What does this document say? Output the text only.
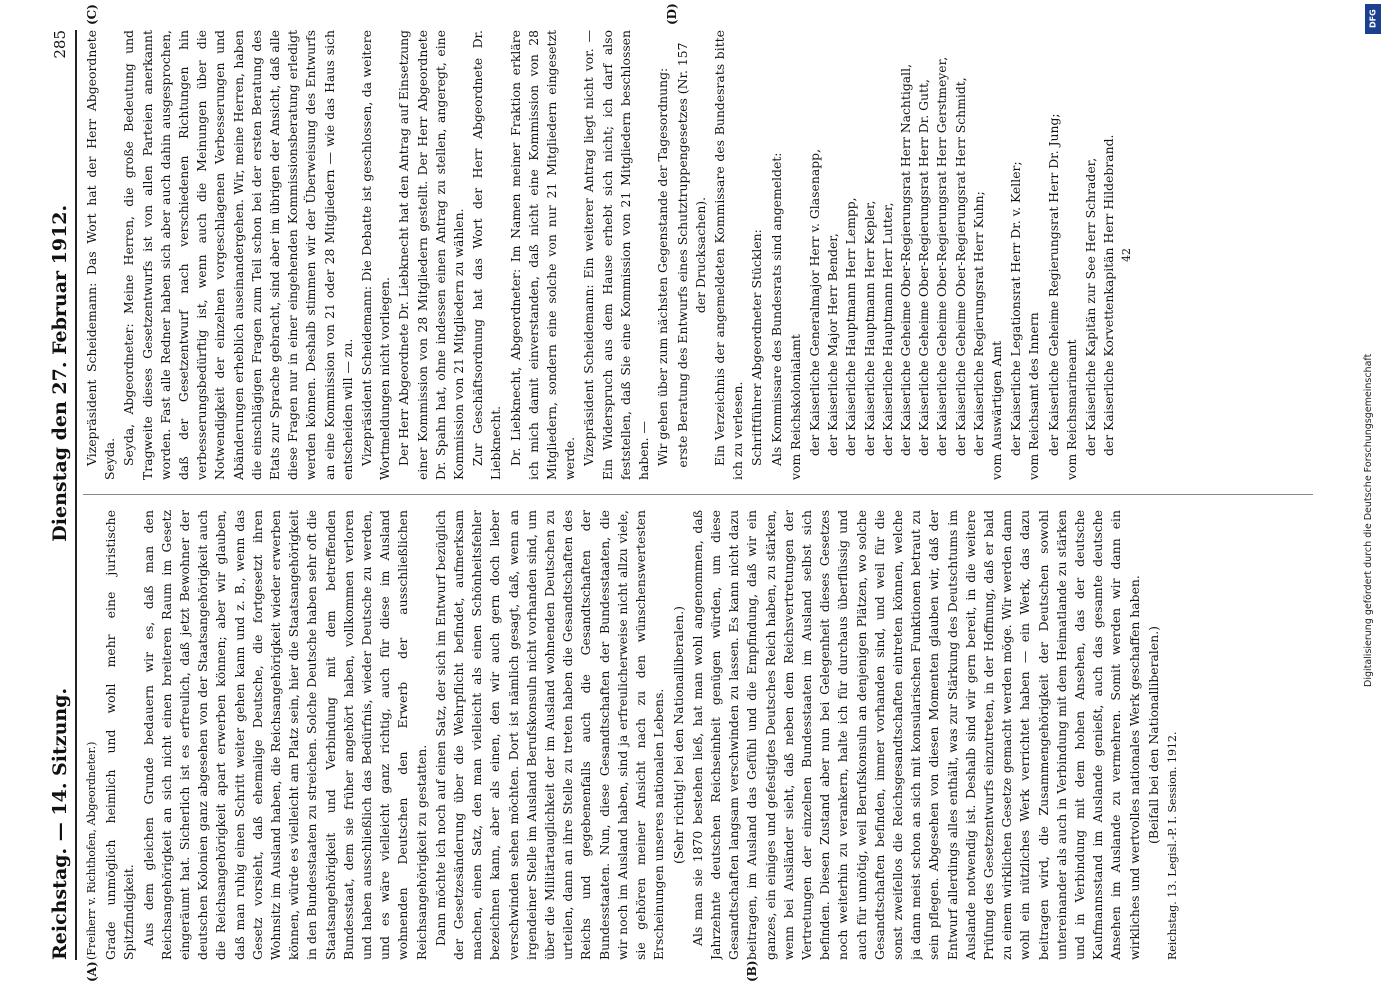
Reichstag. — 14. Sitzung.
Dienstag den 27. Februar 1912.
285
(A)	(B)
(C)	(D)

(Freiherr v. Richthofen, Abgeordneter.) Grade unmöglich heimlich und wohl mehr eine juristische Spitzfindigkeit. Aus dem gleichen Grunde bedauern wir es, daß man den Reichsangehörigkeit an sich nicht einen breiteren Raum im Gesetz eingeräumt hat. Sicherlich ist es erfreulich, daß jetzt Bewohner der deutschen Kolonien ganz abgesehen von der Staatsangehörigkeit auch die Reichsangehörigkeit apart erwerben können; aber wir glauben, daß man ruhig einen Schritt weiter gehen kann und z. B., wenn das Gesetz vorsieht, daß ehemalige Deutsche, die fortgesetzt ihren Wohnsitz im Ausland haben, die Reichsangehörigkeit wieder erwerben können, würde es vielleicht am Platz sein, hier die Staatsangehörigkeit in den Bundesstaaten zu streichen. Solche Deutsche haben sehr oft die Staatsangehörigkeit und Verbindung mit dem betreffenden Bundesstaat, dem sie früher angehört haben, vollkommen verloren und haben ausschließlich das Bedürfnis, wieder Deutsche zu werden, und es wäre vielleicht ganz richtig, auch für diese im Ausland wohnenden Deutschen den Erwerb der ausschließlichen Reichsangehörigkeit zu gestatten. Dann möchte ich noch auf einen Satz, der sich im Entwurf bezüglich der Gesetzesänderung über die Wehrpflicht befindet, aufmerksam machen, einen Satz, den man vielleicht als einen Schönheitsfehler bezeichnen kann, aber als einen, den wir auch gern doch lieber verschwinden sehen möchten. Dort ist nämlich gesagt, daß, wenn an irgendeiner Stelle im Ausland Berufskonsuln nicht vorhanden sind, um über die Militärtauglichkeit der im Ausland wohnenden Deutschen zu urteilen, dann an ihre Stelle zu treten haben die Gesandtschaften des Reichs und gegebenenfalls auch die Gesandtschaften der Bundesstaaten. Nun, diese Gesandtschaften der Bundesstaaten, die wir noch im Ausland haben, sind ja erfreulicherweise nicht allzu viele, sie gehören meiner Ansicht nach zu den wünschenswertesten Erscheinungen unseres nationalen Lebens. (Sehr richtig! bei den Nationalliberalen.) Als man sie 1870 bestehen ließ, hat man wohl angenommen, daß Jahrzehnte deutschen Reichseinheit genügen würden, um diese Gesandtschaften langsam verschwinden zu lassen. Es kann nicht dazu beitragen, im Ausland das Gefühl und die Empfindung, daß wir ein ganzes, ein einiges und gefestigtes Deutsches Reich haben, zu stärken, wenn bei Ausländer sieht, daß neben dem Reichsvertretungen der Vertretungen der einzelnen Bundesstaaten im Ausland selbst sich befinden. Diesen Zustand aber nun bei Gelegenheit dieses Gesetzes noch weiterhin zu verankern, halte ich für durchaus überflüssig und auch für unnötig, weil Berufskonsuln an denjenigen Plätzen, wo solche Gesandtschaften befinden, immer vorhanden sind, und weil für die sonst zweifellos die Reichsgesandtschaften eintreten können, welche ja dann meist schon an sich mit konsularischen Funktionen betraut zu sein pflegen. Abgesehen von diesen Momenten glauben wir, daß der Entwurf allerdings alles enthält, was zur Stärkung des Deutschtums im Auslande notwendig ist. Deshalb sind wir gern bereit, in die weitere Prüfung des Gesetzentwurfs einzutreten, in der Hoffnung, daß er bald zu einem wirklichen Gesetze gemacht werden möge. Wir werden dann wohl ein nützliches Werk verrichtet haben — ein Werk, das dazu beitragen wird, die Zusammengehörigkeit der Deutschen sowohl untereinander als auch in Verbindung mit dem Heimatlande zu stärken und in Verbindung mit dem hohen Ansehen, das der deutsche Kaufmannsstand im Auslande genießt, auch das gesamte deutsche Ansehen im Auslande zu vermehren. Somit werden wir dann ein wirkliches und wertvolles nationales Werk geschaffen haben. (Beifall bei den Nationalliberalen.) Reichstag. 13. Legisl.-P. I. Session. 1912.

Vizepräsident Scheidemann: Das Wort hat der Herr Abgeordnete Seyda. Seyda, Abgeordneter: Meine Herren, die große Bedeutung und Tragweite dieses Gesetzentwurfs ist von allen Parteien anerkannt worden. Fast alle Redner haben sich aber auch dahin ausgesprochen, daß der Gesetzentwurf nach verschiedenen Richtungen hin verbesserungsbedürftig ist, wenn auch die Meinungen über die Notwendigkeit der einzelnen vorgeschlagenen Verbesserungen und Abänderungen erheblich auseinandergehen. Wir, meine Herren, haben die einschlägigen Fragen zum Teil schon bei der ersten Beratung des Etats zur Sprache gebracht, sind aber im übrigen der Ansicht, daß alle diese Fragen nur in einer eingehenden Kommissionsberatung erledigt werden können. Deshalb stimmen wir der Überweisung des Entwurfs an eine Kommission von 21 oder 28 Mitgliedern — wie das Haus sich entscheiden will — zu. Vizepräsident Scheidemann: Die Debatte ist geschlossen, da weitere Wortmeldungen nicht vorliegen. Der Herr Abgeordnete Dr. Liebknecht hat den Antrag auf Einsetzung einer Kommission von 28 Mitgliedern gestellt. Der Herr Abgeordnete Dr. Spahn hat, ohne indessen einen Antrag zu stellen, angeregt, eine Kommission von 21 Mitgliedern zu wählen. Zur Geschäftsordnung hat das Wort der Herr Abgeordnete Dr. Liebknecht. Dr. Liebknecht, Abgeordneter: Im Namen meiner Fraktion erkläre ich mich damit einverstanden, daß nicht eine Kommission von 28 Mitgliedern, sondern eine solche von nur 21 Mitgliedern eingesetzt werde. Vizepräsident Scheidemann: Ein weiterer Antrag liegt nicht vor. — Ein Widerspruch aus dem Hause erhebt sich nicht; ich darf also feststellen, daß Sie eine Kommission von 21 Mitgliedern beschlossen haben. — Wir gehen über zum nächsten Gegenstande der Tagesordnung: erste Beratung des Entwurfs eines Schutztruppengesetzes (Nr. 157 der Drucksachen). Ein Verzeichnis der angemeldeten Kommissare des Bundesrats bitte ich zu verlesen. Schriftführer Abgeordneter Stücklen: Als Kommissare des Bundesrats sind angemeldet: vom Reichskolonialamt der Kaiserliche Generalmajor Herr v. Glasenapp, der Kaiserliche Major Herr Bender, der Kaiserliche Hauptmann Herr Lempp, der Kaiserliche Hauptmann Herr Kepler, der Kaiserliche Hauptmann Herr Lutter, der Kaiserliche Geheime Ober-Regierungsrat Herr Nachtigall, der Kaiserliche Geheime Ober-Regierungsrat Herr Dr. Gutt, der Kaiserliche Geheime Ober-Regierungsrat Herr Gerstmeyer, der Kaiserliche Geheime Ober-Regierungsrat Herr Schmidt, der Kaiserliche Regierungsrat Herr Kuhn; vom Auswärtigen Amt der Kaiserliche Legationsrat Herr Dr. v. Keller; vom Reichsamt des Innern der Kaiserliche Geheime Regierungsrat Herr Dr. Jung; vom Reichsmarineamt der Kaiserliche Kapitän zur See Herr Schrader, der Kaiserliche Korvettenkapitän Herr Hildebrand. 42

DFG
Digitalisierung gefördert durch die Deutsche Forschungsgemeinschaft
